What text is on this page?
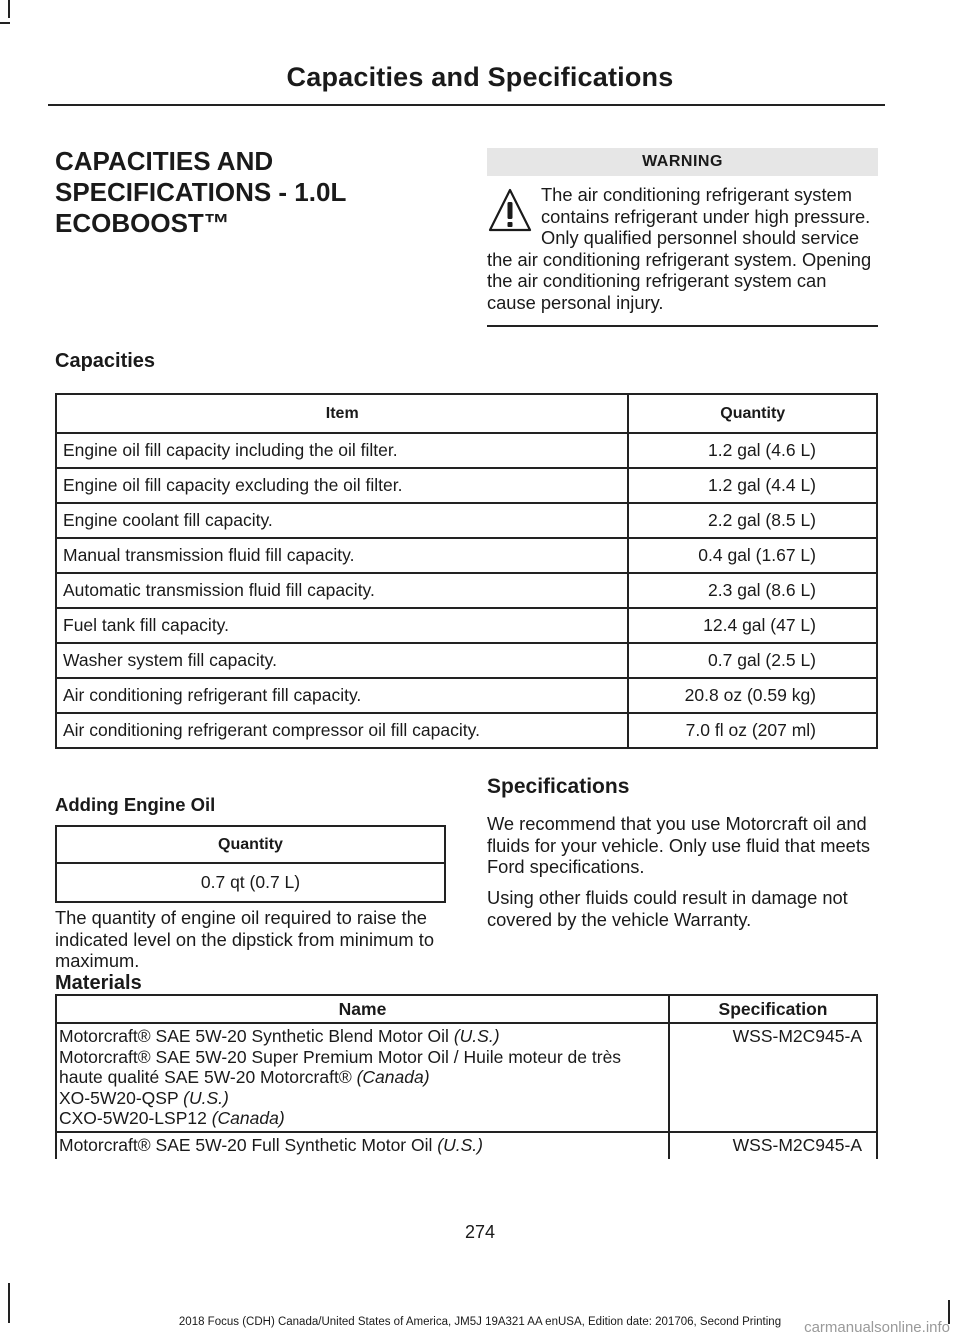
Capacities and Specifications
CAPACITIES AND
SPECIFICATIONS - 1.0L
ECOBOOST™
WARNING
The air conditioning refrigerant system contains refrigerant under high pressure. Only qualified personnel should service the air conditioning refrigerant system. Opening the air conditioning refrigerant system can cause personal injury.
Capacities
Item	Quantity
Engine oil fill capacity including the oil filter.	1.2 gal (4.6 L)
Engine oil fill capacity excluding the oil filter.	1.2 gal (4.4 L)
Engine coolant fill capacity.	2.2 gal (8.5 L)
Manual transmission fluid fill capacity.	0.4 gal (1.67 L)
Automatic transmission fluid fill capacity.	2.3 gal (8.6 L)
Fuel tank fill capacity.	12.4 gal (47 L)
Washer system fill capacity.	0.7 gal (2.5 L)
Air conditioning refrigerant fill capacity.	20.8 oz (0.59 kg)
Air conditioning refrigerant compressor oil fill capacity.	7.0 fl oz (207 ml)
Adding Engine Oil
Quantity
0.7 qt (0.7 L)
The quantity of engine oil required to raise the indicated level on the dipstick from minimum to maximum.
Specifications
We recommend that you use Motorcraft oil and fluids for your vehicle. Only use fluid that meets Ford specifications.
Using other fluids could result in damage not covered by the vehicle Warranty.
Materials
Name	Specification

Motorcraft® SAE 5W-20 Synthetic Blend Motor Oil (U.S.)
Motorcraft® SAE 5W-20 Super Premium Motor Oil / Huile moteur de très haute qualité SAE 5W-20 Motorcraft® (Canada)
XO-5W20-QSP (U.S.)
CXO-5W20-LSP12 (Canada)	WSS-M2C945-A
Motorcraft® SAE 5W-20 Full Synthetic Motor Oil (U.S.)	WSS-M2C945-A
274
2018 Focus (CDH) Canada/United States of America, JM5J 19A321 AA enUSA, Edition date: 201706, Second Printing	carmanualsonline.info
